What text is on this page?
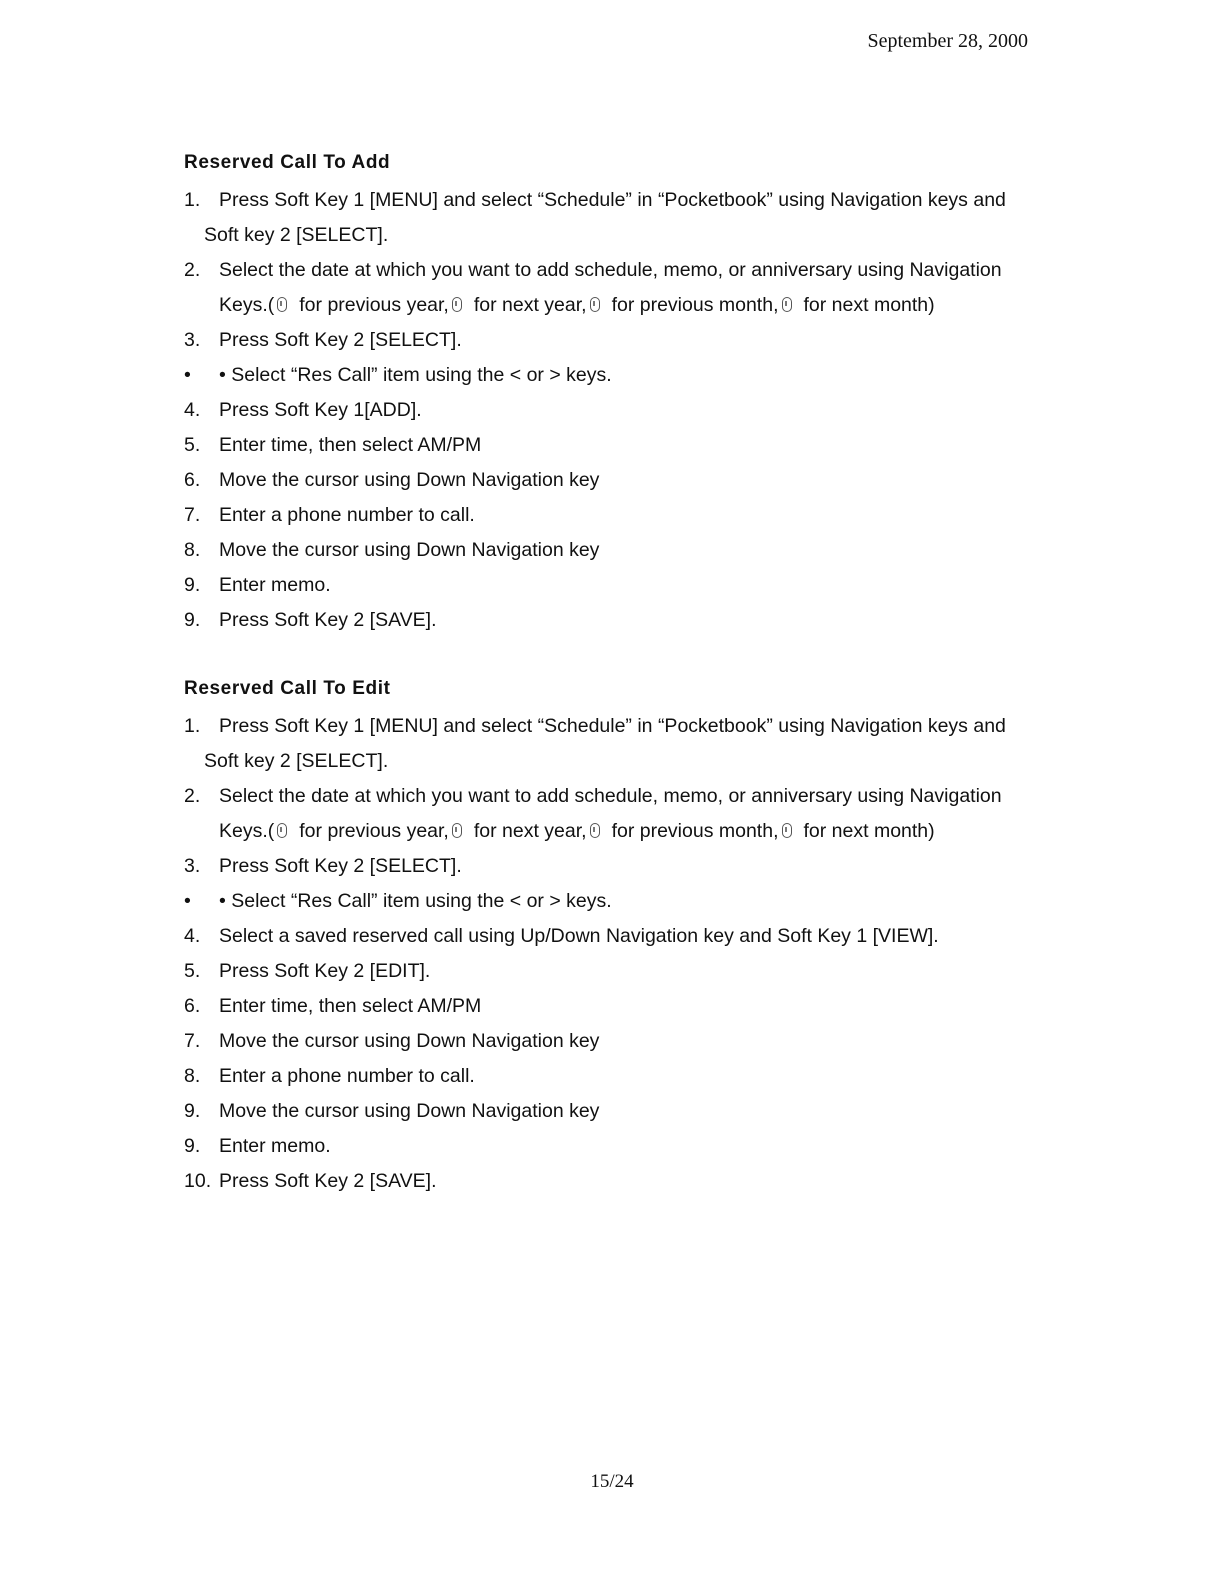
September 28, 2000
Reserved Call To Add
1. Press Soft Key 1 [MENU] and select “Schedule” in “Pocketbook” using Navigation keys and
Soft key 2 [SELECT].
2. Select the date at which you want to add schedule, memo, or anniversary using Navigation
Keys.( for previous year, for next year, for previous month, for next month)
3. Press Soft Key 2 [SELECT].
•	• Select “Res Call” item using the < or > keys.
4. Press Soft Key 1[ADD].
5. Enter time, then select AM/PM
6. Move the cursor using Down Navigation key
7. Enter a phone number to call.
8. Move the cursor using Down Navigation key
9. Enter memo.
9. Press Soft Key 2 [SAVE].
Reserved Call To Edit
1. Press Soft Key 1 [MENU] and select “Schedule” in “Pocketbook” using Navigation keys and
Soft key 2 [SELECT].
2. Select the date at which you want to add schedule, memo, or anniversary using Navigation
Keys.( for previous year, for next year, for previous month, for next month)
3. Press Soft Key 2 [SELECT].
•	• Select “Res Call” item using the < or > keys.
4. Select a saved reserved call using Up/Down Navigation key and Soft Key 1 [VIEW].
5. Press Soft Key 2 [EDIT].
6. Enter time, then select AM/PM
7. Move the cursor using Down Navigation key
8. Enter a phone number to call.
9. Move the cursor using Down Navigation key
9. Enter memo.
10. Press Soft Key 2 [SAVE].
15/24
